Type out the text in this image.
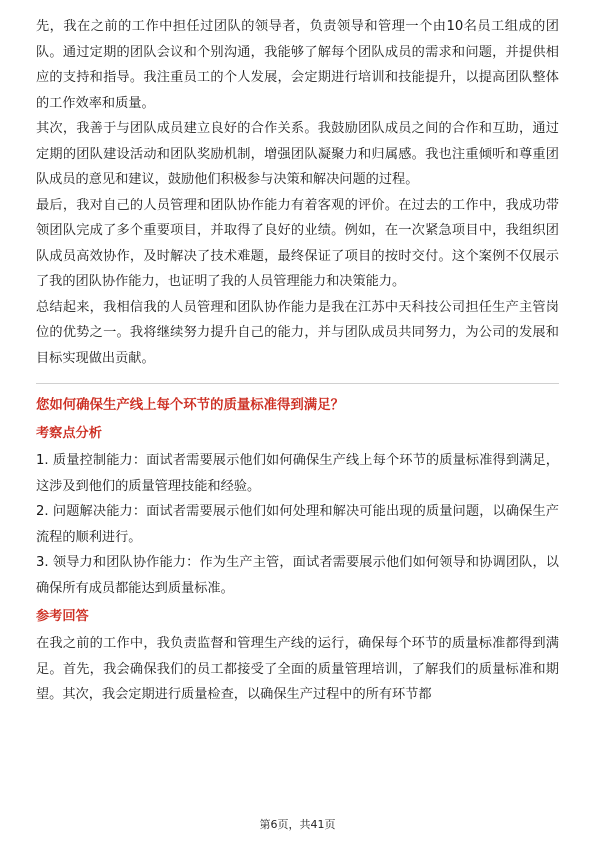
先，我在之前的工作中担任过团队的领导者，负责领导和管理一个由10名员工组成的团队。通过定期的团队会议和个别沟通，我能够了解每个团队成员的需求和问题，并提供相应的支持和指导。我注重员工的个人发展，会定期进行培训和技能提升，以提高团队整体的工作效率和质量。

其次，我善于与团队成员建立良好的合作关系。我鼓励团队成员之间的合作和互助，通过定期的团队建设活动和团队奖励机制，增强团队凝聚力和归属感。我也注重倾听和尊重团队成员的意见和建议，鼓励他们积极参与决策和解决问题的过程。

最后，我对自己的人员管理和团队协作能力有着客观的评价。在过去的工作中，我成功带领团队完成了多个重要项目，并取得了良好的业绩。例如，在一次紧急项目中，我组织团队成员高效协作，及时解决了技术难题，最终保证了项目的按时交付。这个案例不仅展示了我的团队协作能力，也证明了我的人员管理能力和决策能力。

总结起来，我相信我的人员管理和团队协作能力是我在江苏中天科技公司担任生产主管岗位的优势之一。我将继续努力提升自己的能力，并与团队成员共同努力，为公司的发展和目标实现做出贡献。

您如何确保生产线上每个环节的质量标准得到满足？

考察点分析

1. 质量控制能力：面试者需要展示他们如何确保生产线上每个环节的质量标准得到满足，这涉及到他们的质量管理技能和经验。

2. 问题解决能力：面试者需要展示他们如何处理和解决可能出现的质量问题，以确保生产流程的顺利进行。

3. 领导力和团队协作能力：作为生产主管，面试者需要展示他们如何领导和协调团队，以确保所有成员都能达到质量标准。

参考回答

在我之前的工作中，我负责监督和管理生产线的运行，确保每个环节的质量标准都得到满足。首先，我会确保我们的员工都接受了全面的质量管理培训，了解我们的质量标准和期望。其次，我会定期进行质量检查，以确保生产过程中的所有环节都

第6页，共41页
